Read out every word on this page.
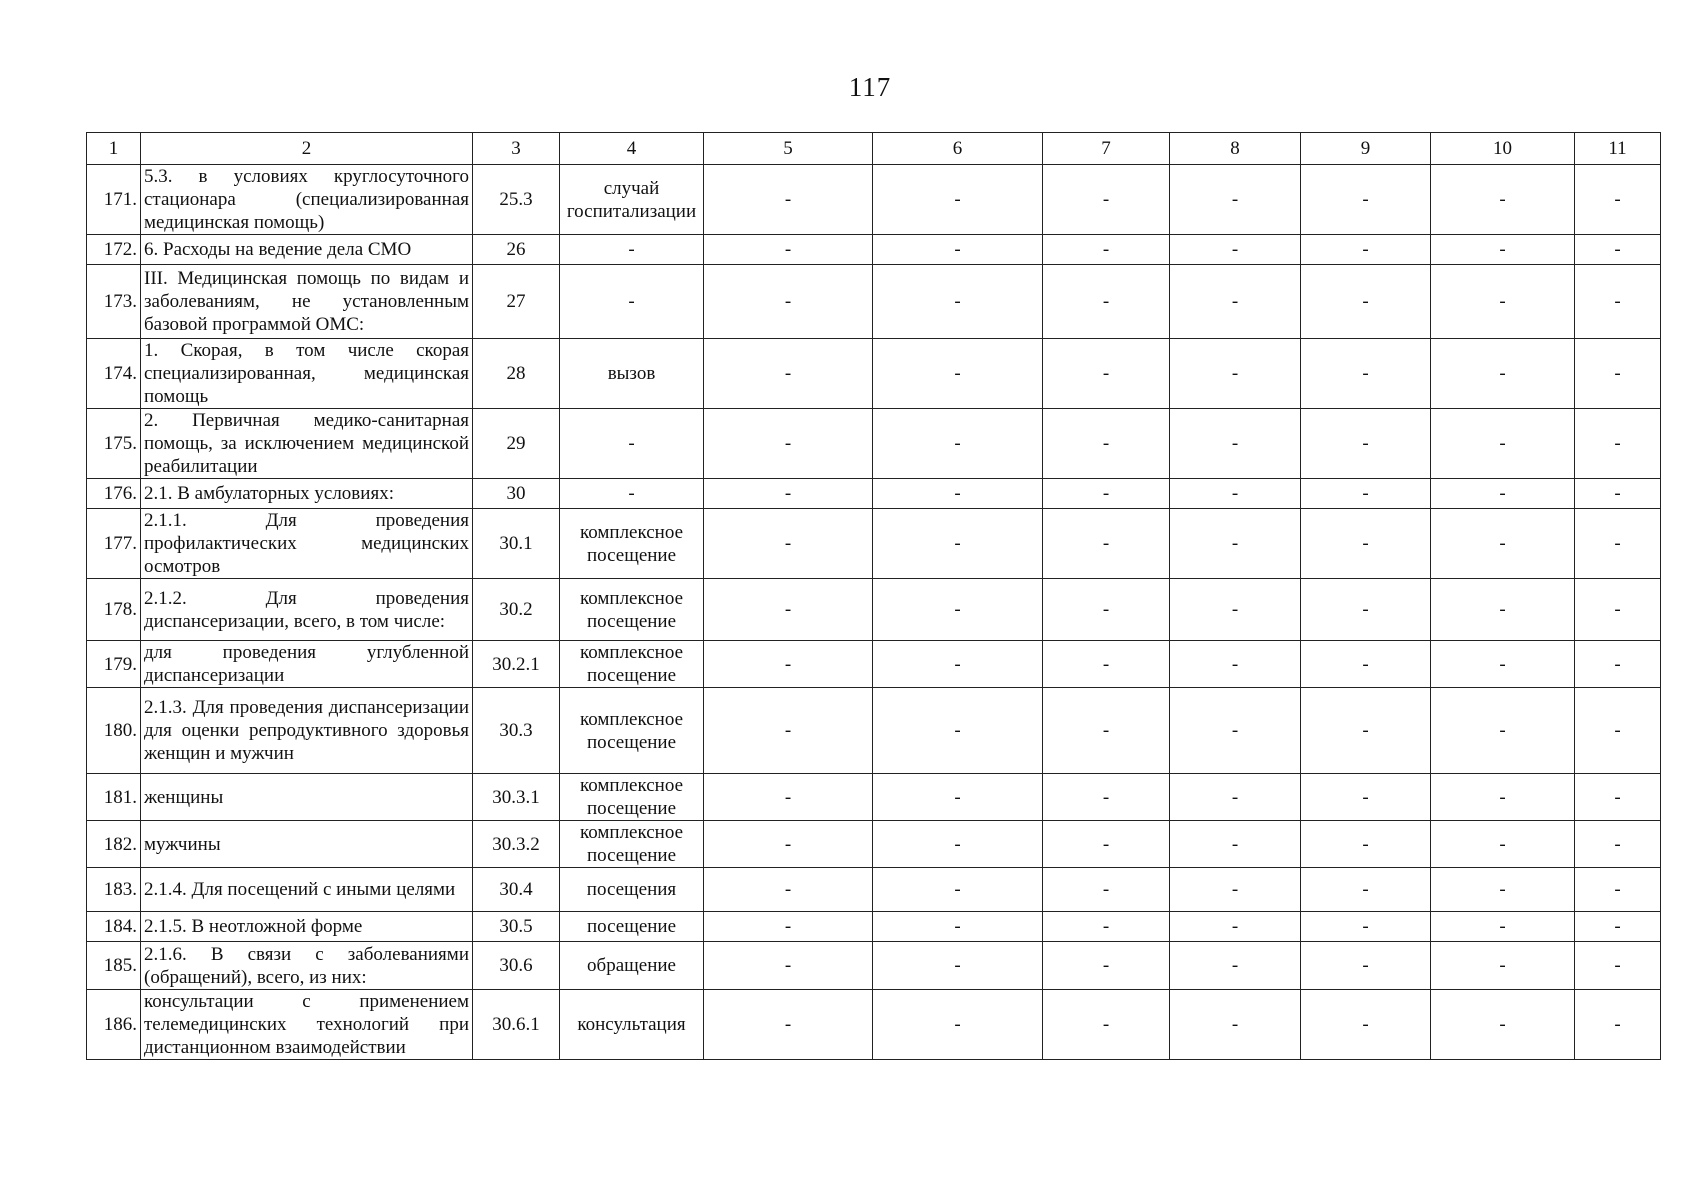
117
1	2	3	4	5	6	7	8	9	10	11
171.	5.3. в условиях круглосуточного стационара (специализированная медицинская помощь)	25.3	случай госпитализации	-	-	-	-	-	-	-
172.	6. Расходы на ведение дела СМО	26	-	-	-	-	-	-	-	-
173.	III. Медицинская помощь по видам и заболеваниям, не установленным базовой программой ОМС:	27	-	-	-	-	-	-	-	-
174.	1. Скорая, в том числе скорая специализированная, медицинская помощь	28	вызов	-	-	-	-	-	-	-
175.	2. Первичная медико-санитарная помощь, за исключением медицинской реабилитации	29	-	-	-	-	-	-	-	-
176.	2.1. В амбулаторных условиях:	30	-	-	-	-	-	-	-	-
177.	2.1.1. Для проведения профилактических медицинских осмотров	30.1	комплексное посещение	-	-	-	-	-	-	-
178.	2.1.2. Для проведения диспансеризации, всего, в том числе:	30.2	комплексное посещение	-	-	-	-	-	-	-
179.	для проведения углубленной диспансеризации	30.2.1	комплексное посещение	-	-	-	-	-	-	-
180.	2.1.3. Для проведения диспансеризации для оценки репродуктивного здоровья женщин и мужчин	30.3	комплексное посещение	-	-	-	-	-	-	-
181.	женщины	30.3.1	комплексное посещение	-	-	-	-	-	-	-
182.	мужчины	30.3.2	комплексное посещение	-	-	-	-	-	-	-
183.	2.1.4. Для посещений с иными целями	30.4	посещения	-	-	-	-	-	-	-
184.	2.1.5. В неотложной форме	30.5	посещение	-	-	-	-	-	-	-
185.	2.1.6. В связи с заболеваниями (обращений), всего, из них:	30.6	обращение	-	-	-	-	-	-	-
186.	консультации с применением телемедицинских технологий при дистанционном взаимодействии	30.6.1	консультация	-	-	-	-	-	-	-
